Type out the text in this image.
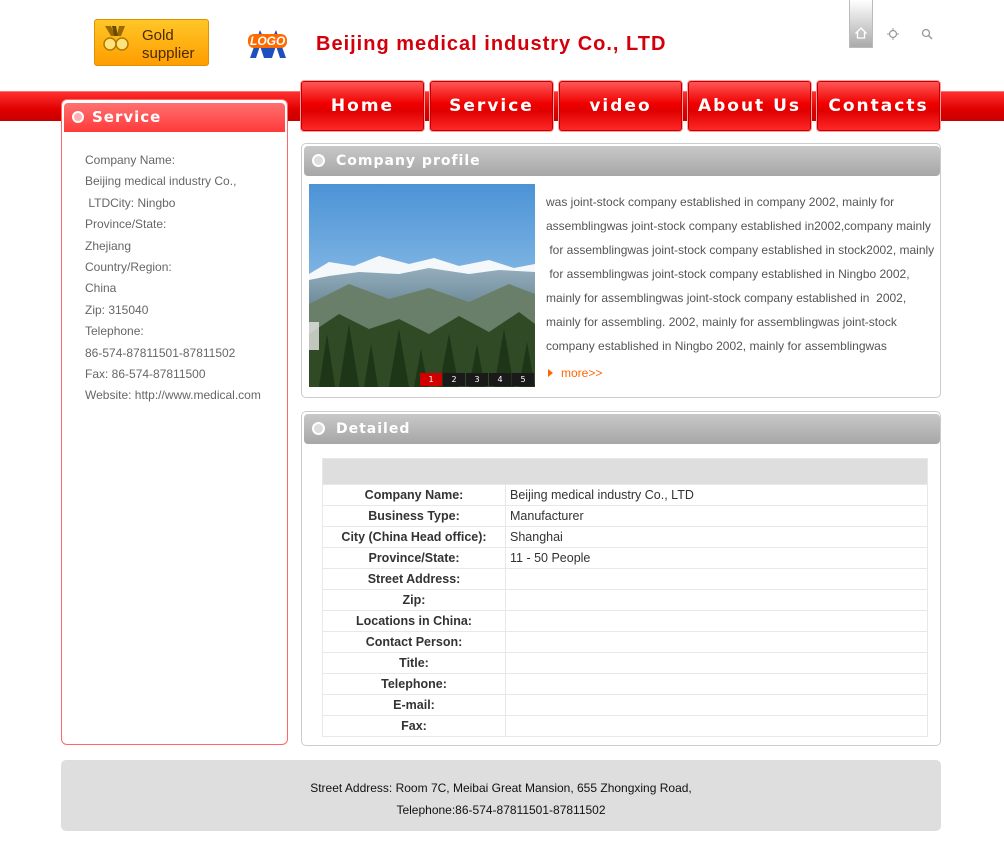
Gold
supplier
LOGO Beijing medical industry Co., LTD
Home	Service	video	About Us	Contacts
Service
Company Name:
Beijing medical industry Co.,
LTDCity: Ningbo
Province/State:
Zhejiang
Country/Region:
China
Zip: 315040
Telephone:
86-574-87811501-87811502
Fax: 86-574-87811500
Website: http://www.medical.com
Company profile
1	2	3	4	5
was joint-stock company established in company 2002, mainly for
assemblingwas joint-stock company established in2002,company mainly
for assemblingwas joint-stock company established in stock2002, mainly
for assemblingwas joint-stock company established in Ningbo 2002,
mainly for assemblingwas joint-stock company established in  2002,
mainly for assembling. 2002, mainly for assemblingwas joint-stock
company established in Ningbo 2002, mainly for assemblingwas
more>>
Detailed

Company Name:	Beijing medical industry Co., LTD
Business Type:	Manufacturer
City (China Head office):	Shanghai
Province/State:	11 - 50 People
Street Address:	
Zip:	
Locations in China:	
Contact Person:	
Title:	
Telephone:	
E-mail:	
Fax:	
Street Address: Room 7C, Meibai Great Mansion, 655 Zhongxing Road,
Telephone:86-574-87811501-87811502
